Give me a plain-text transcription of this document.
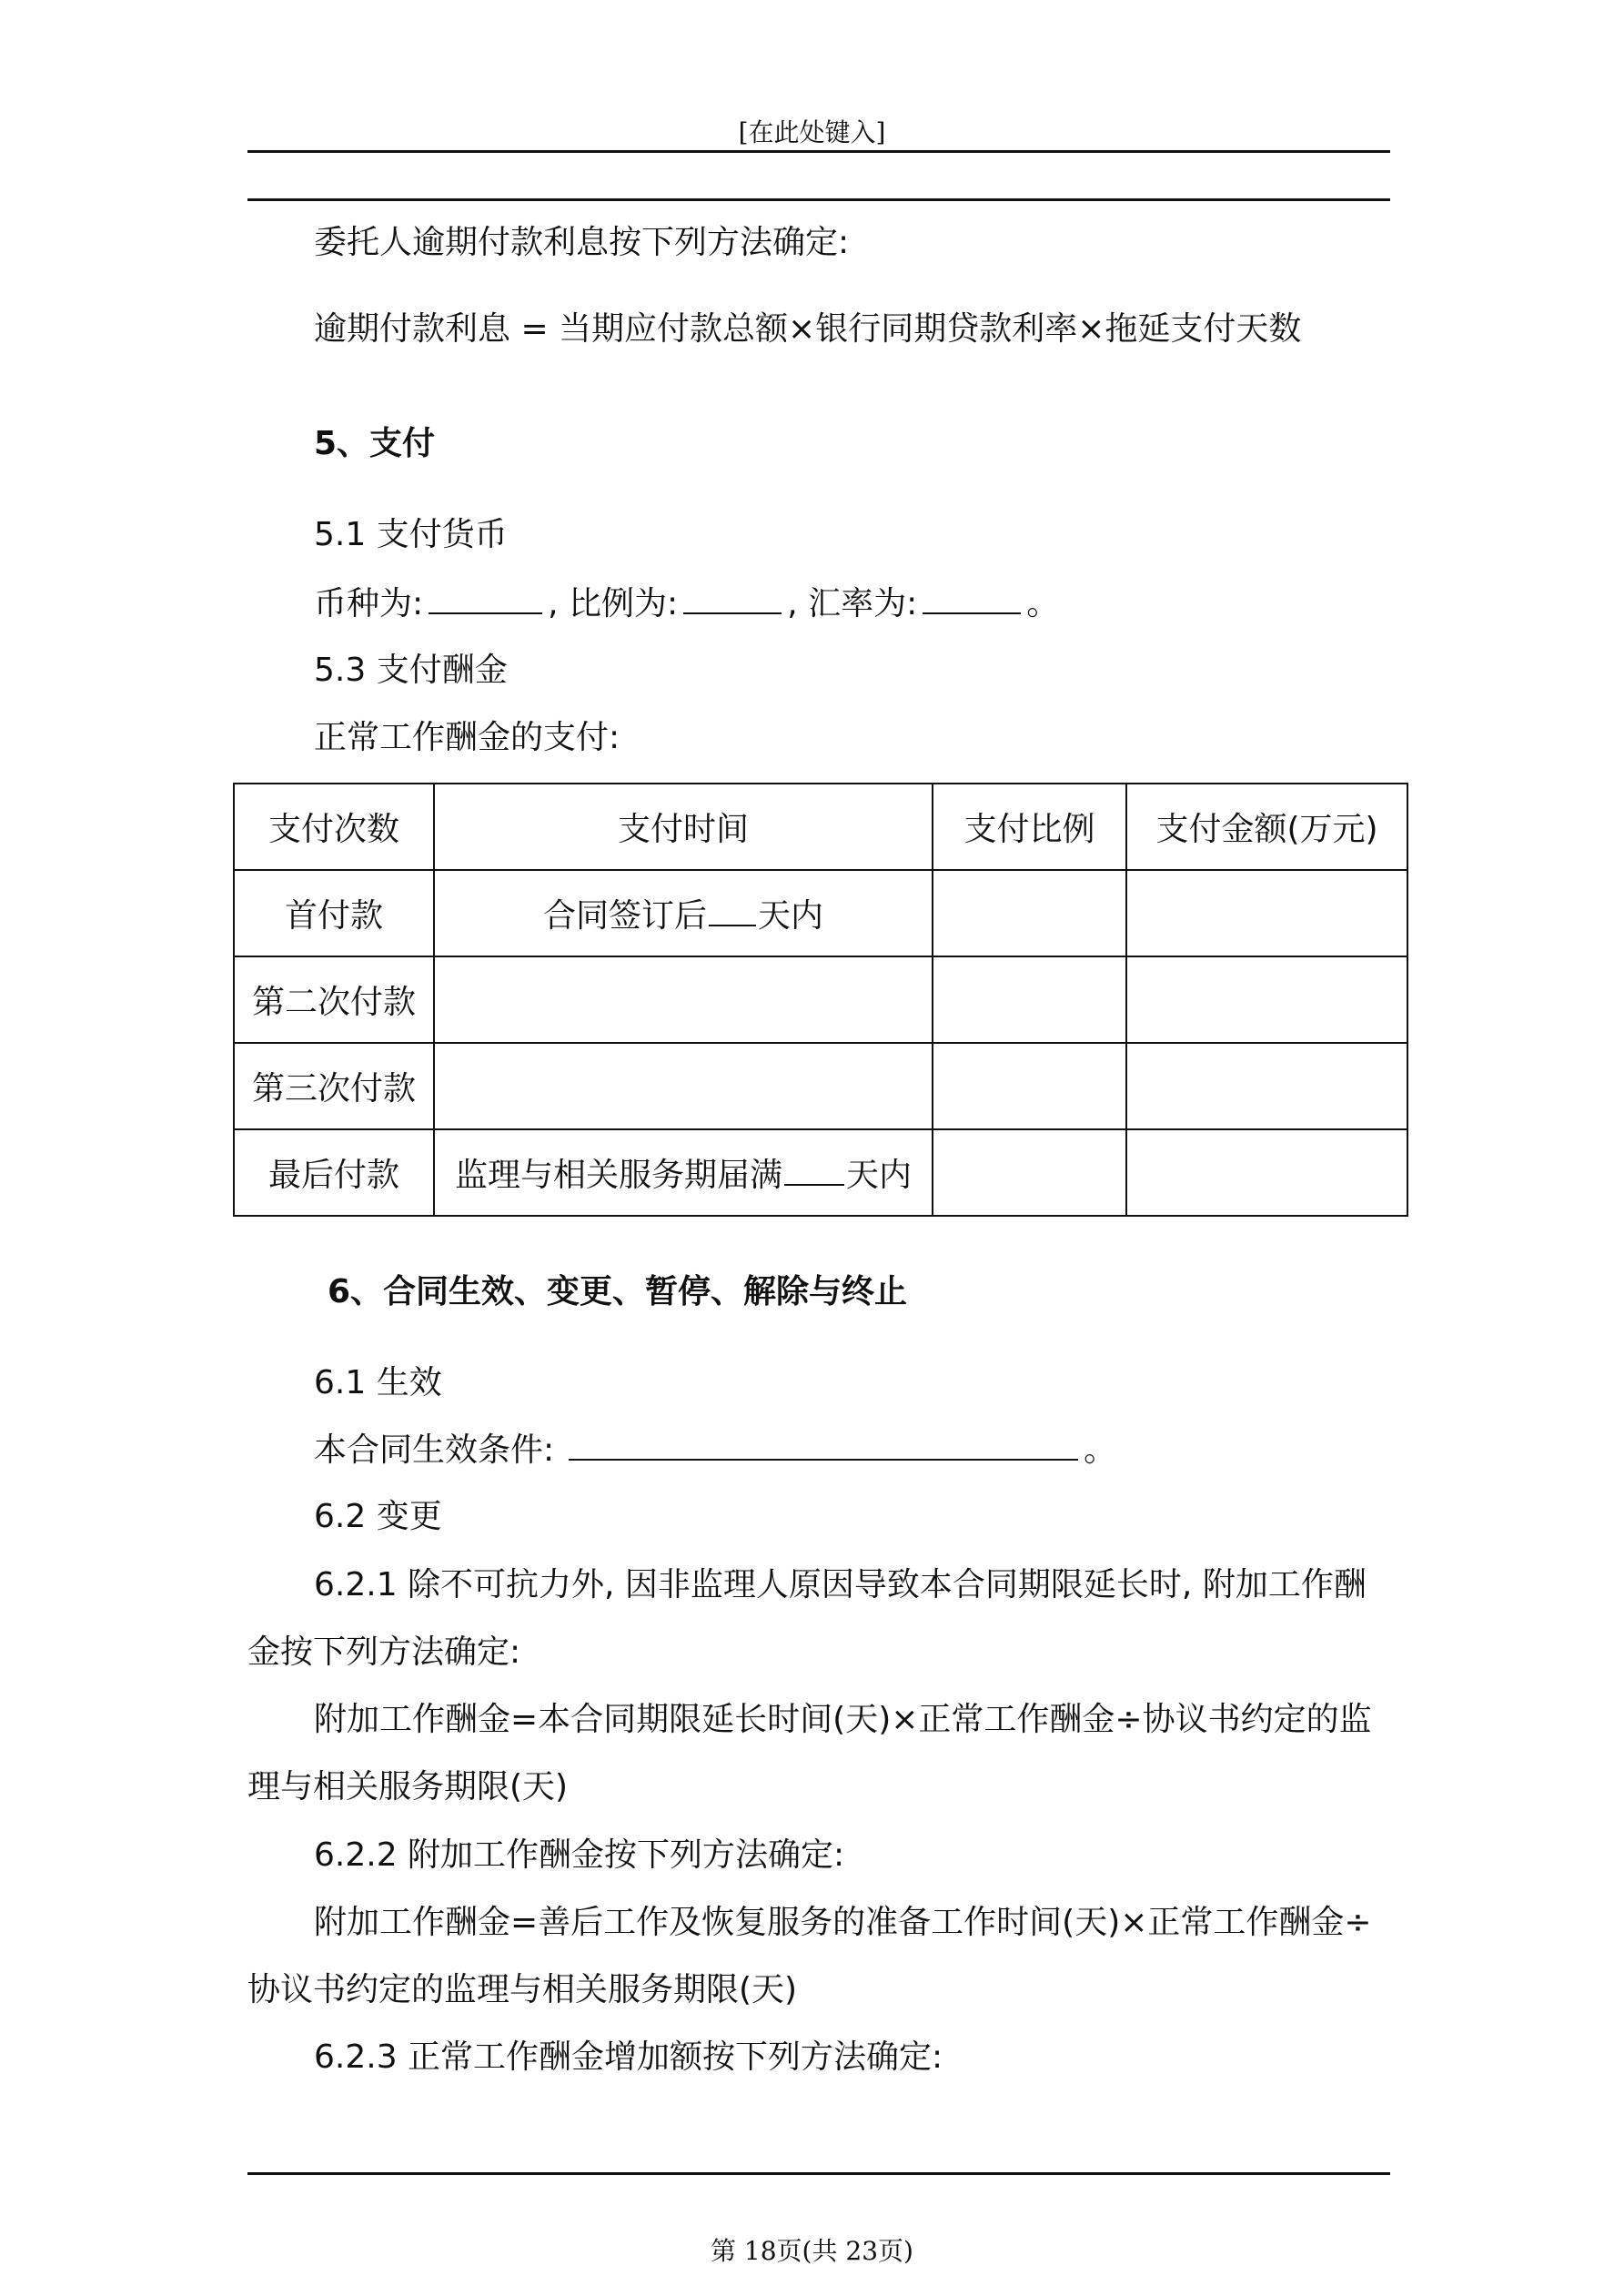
[在此处键入]
委托人逾期付款利息按下列方法确定:
逾期付款利息 = 当期应付款总额×银行同期贷款利率×拖延支付天数
5、支付
5.1 支付货币
币种为:	, 比例为:	, 汇率为:	。
5.3 支付酬金
正常工作酬金的支付:
支付次数	支付时间	支付比例	支付金额(万元)
首付款	合同签订后 天内		
第二次付款			
第三次付款			
最后付款	监理与相关服务期届满 天内		
6、合同生效、变更、暂停、解除与终止
6.1 生效
本合同生效条件:	。
6.2 变更
6.2.1 除不可抗力外, 因非监理人原因导致本合同期限延长时, 附加工作酬
金按下列方法确定:
附加工作酬金=本合同期限延长时间(天)×正常工作酬金÷协议书约定的监
理与相关服务期限(天)
6.2.2 附加工作酬金按下列方法确定:
附加工作酬金=善后工作及恢复服务的准备工作时间(天)×正常工作酬金÷
协议书约定的监理与相关服务期限(天)
6.2.3 正常工作酬金增加额按下列方法确定:
第 18页(共 23页)
